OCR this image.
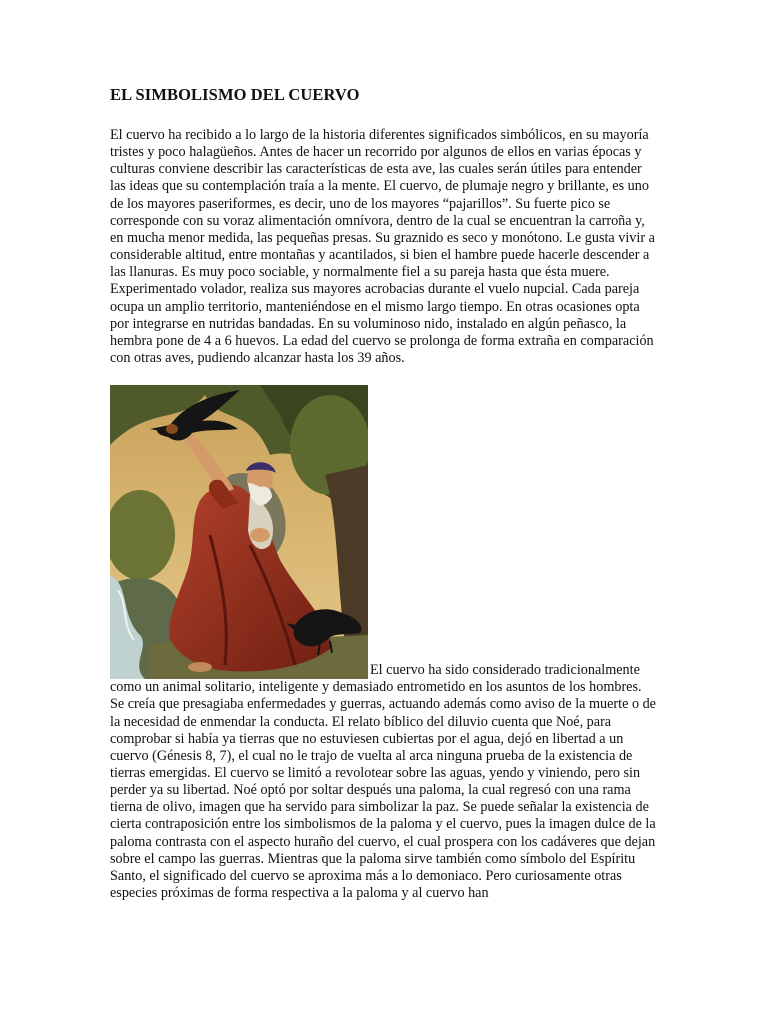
EL SIMBOLISMO DEL CUERVO

El cuervo ha recibido a lo largo de la historia diferentes significados simbólicos, en su mayoría tristes y poco halagüeños. Antes de hacer un recorrido por algunos de ellos en varias épocas y culturas conviene describir las características de esta ave, las cuales serán útiles para entender las ideas que su contemplación traía a la mente. El cuervo, de plumaje negro y brillante, es uno de los mayores paseriformes, es decir, uno de los mayores “pajarillos”. Su fuerte pico se corresponde con su voraz alimentación omnívora, dentro de la cual se encuentran la carroña y, en mucha menor medida, las pequeñas presas. Su graznido es seco y monótono. Le gusta vivir a considerable altitud, entre montañas y acantilados, si bien el hambre puede hacerle descender a las llanuras. Es muy poco sociable, y normalmente fiel a su pareja hasta que ésta muere. Experimentado volador, realiza sus mayores acrobacias durante el vuelo nupcial. Cada pareja ocupa un amplio territorio, manteniéndose en el mismo largo tiempo. En otras ocasiones opta por integrarse en nutridas bandadas. En su voluminoso nido, instalado en algún peñasco, la hembra pone de 4 a 6 huevos. La edad del cuervo se prolonga de forma extraña en comparación con otras aves, pudiendo alcanzar hasta los 39 años.

El cuervo ha sido considerado tradicionalmente como un animal solitario, inteligente y demasiado entrometido en los asuntos de los hombres. Se creía que presagiaba enfermedades y guerras, actuando además como aviso de la muerte o de la necesidad de enmendar la conducta. El relato bíblico del diluvio cuenta que Noé, para comprobar si había ya tierras que no estuviesen cubiertas por el agua, dejó en libertad a un cuervo (Génesis 8, 7), el cual no le trajo de vuelta al arca ninguna prueba de la existencia de tierras emergidas. El cuervo se limitó a revolotear sobre las aguas, yendo y viniendo, pero sin perder ya su libertad. Noé optó por soltar después una paloma, la cual regresó con una rama tierna de olivo, imagen que ha servido para simbolizar la paz. Se puede señalar la existencia de cierta contraposición entre los simbolismos de la paloma y el cuervo, pues la imagen dulce de la paloma contrasta con el aspecto huraño del cuervo, el cual prospera con los cadáveres que dejan sobre el campo las guerras. Mientras que la paloma sirve también como símbolo del Espíritu Santo, el significado del cuervo se aproxima más a lo demoniaco. Pero curiosamente otras especies próximas de forma respectiva a la paloma y al cuervo han
